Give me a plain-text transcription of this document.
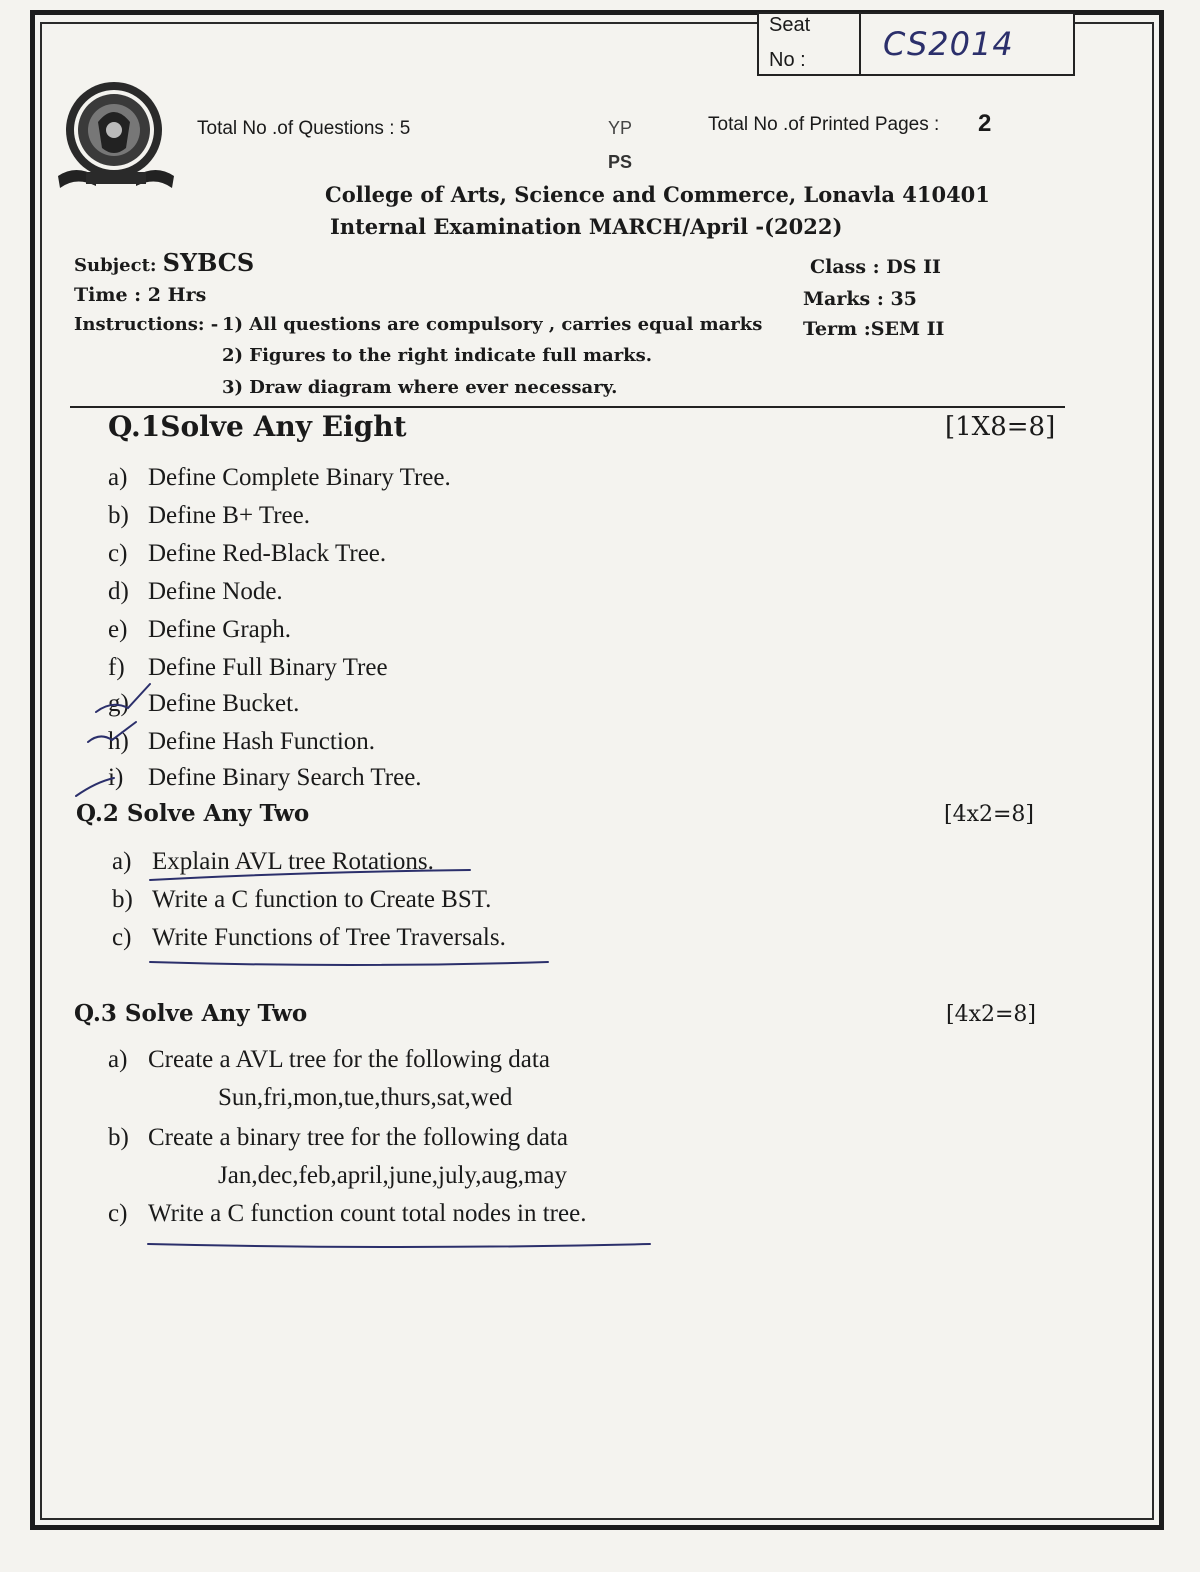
Seat
No :	CS2014
Total No .of Questions : 5	Total No .of Printed Pages : 2
YP
PS
College of Arts, Science and Commerce, Lonavla 410401
Internal Examination MARCH/April -(2022)
Subject: SYBCS
Time : 2 Hrs
Class : DS II
Marks : 35
Term :SEM II
Instructions: - 1) All questions are compulsory , carries equal marks
2) Figures to the right indicate full marks.
3) Draw diagram where ever necessary.
Q.1Solve Any Eight	[1X8=8]
a) Define Complete Binary Tree.
b) Define B+ Tree.
c) Define Red-Black Tree.
d) Define Node.
e) Define Graph.
f) Define Full Binary Tree
g) Define Bucket.
h) Define Hash Function.
i) Define Binary Search Tree.
Q.2 Solve Any Two	[4x2=8]
a) Explain AVL tree Rotations.
b) Write a C function to Create BST.
c) Write Functions of Tree Traversals.
Q.3 Solve Any Two	[4x2=8]
a) Create a AVL tree for the following data
Sun,fri,mon,tue,thurs,sat,wed
b) Create a binary tree for the following data
Jan,dec,feb,april,june,july,aug,may
c) Write a C function count total nodes in tree.
